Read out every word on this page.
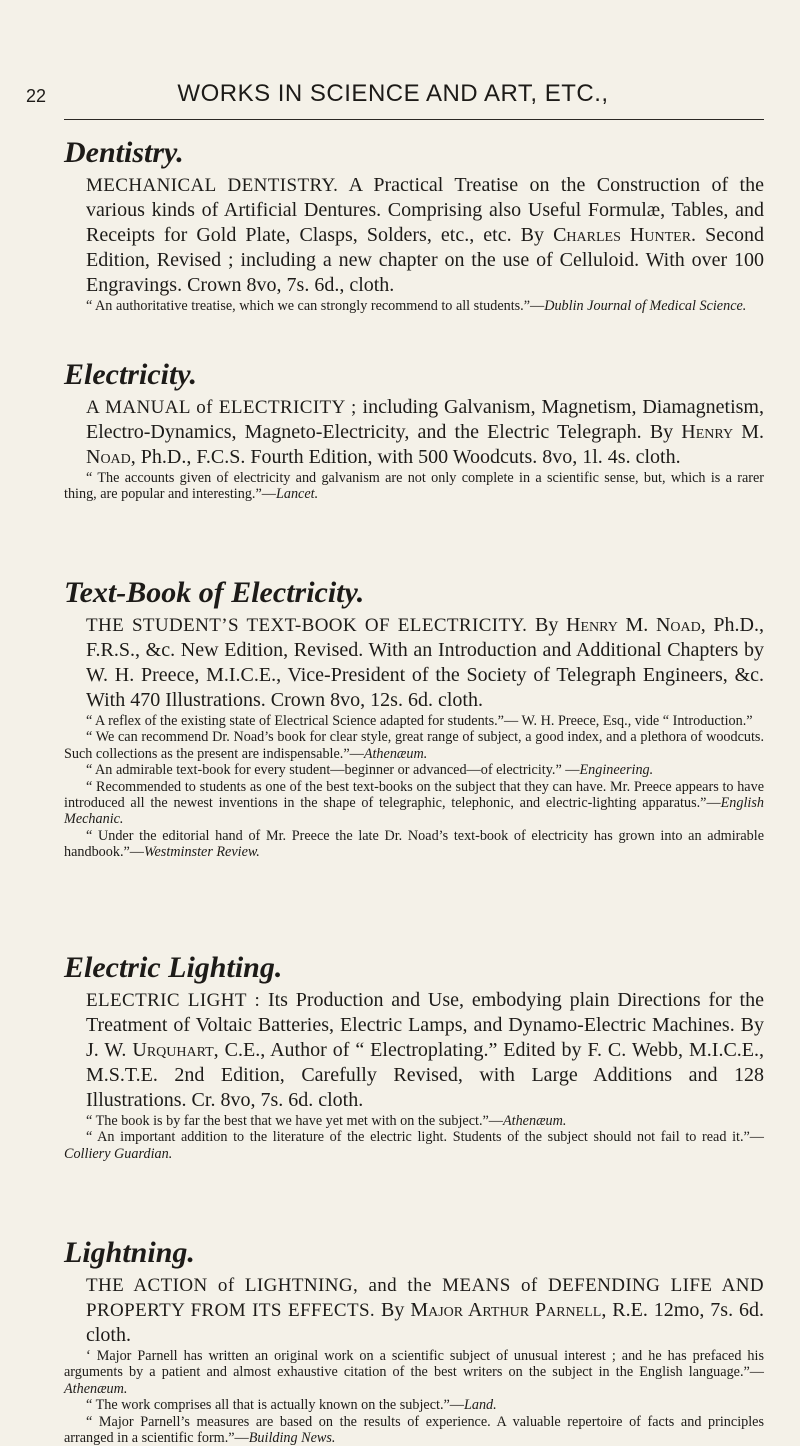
22	WORKS IN SCIENCE AND ART, ETC.,
Dentistry.

MECHANICAL DENTISTRY. A Practical Treatise on the Construction of the various kinds of Artificial Dentures. Comprising also Useful Formulæ, Tables, and Receipts for Gold Plate, Clasps, Solders, etc., etc. By Charles Hunter. Second Edition, Revised ; including a new chapter on the use of Celluloid. With over 100 Engravings. Crown 8vo, 7s. 6d., cloth.

“ An authoritative treatise, which we can strongly recommend to all students.”—Dublin Journal of Medical Science.

Electricity.

A MANUAL of ELECTRICITY ; including Galvanism, Magnetism, Diamagnetism, Electro-Dynamics, Magneto-Electricity, and the Electric Telegraph. By Henry M. Noad, Ph.D., F.C.S. Fourth Edition, with 500 Woodcuts. 8vo, 1l. 4s. cloth.

“ The accounts given of electricity and galvanism are not only complete in a scientific sense, but, which is a rarer thing, are popular and interesting.”—Lancet.

Text-Book of Electricity.

THE STUDENT’S TEXT-BOOK OF ELECTRICITY. By Henry M. Noad, Ph.D., F.R.S., &c. New Edition, Revised. With an Introduction and Additional Chapters by W. H. Preece, M.I.C.E., Vice-President of the Society of Telegraph Engineers, &c. With 470 Illustrations. Crown 8vo, 12s. 6d. cloth.

“ A reflex of the existing state of Electrical Science adapted for students.”— W. H. Preece, Esq., vide “ Introduction.”

“ We can recommend Dr. Noad’s book for clear style, great range of subject, a good index, and a plethora of woodcuts. Such collections as the present are indispensable.”—Athenæum.

“ An admirable text-book for every student—beginner or advanced—of electricity.” —Engineering.

“ Recommended to students as one of the best text-books on the subject that they can have. Mr. Preece appears to have introduced all the newest inventions in the shape of telegraphic, telephonic, and electric-lighting apparatus.”—English Mechanic.

“ Under the editorial hand of Mr. Preece the late Dr. Noad’s text-book of electricity has grown into an admirable handbook.”—Westminster Review.

Electric Lighting.

ELECTRIC LIGHT : Its Production and Use, embodying plain Directions for the Treatment of Voltaic Batteries, Electric Lamps, and Dynamo-Electric Machines. By J. W. Urquhart, C.E., Author of “ Electroplating.” Edited by F. C. Webb, M.I.C.E., M.S.T.E. 2nd Edition, Carefully Revised, with Large Additions and 128 Illustrations. Cr. 8vo, 7s. 6d. cloth.

“ The book is by far the best that we have yet met with on the subject.”—Athenæum.

“ An important addition to the literature of the electric light. Students of the subject should not fail to read it.”—Colliery Guardian.

Lightning.

THE ACTION of LIGHTNING, and the MEANS of DEFENDING LIFE AND PROPERTY FROM ITS EFFECTS. By Major Arthur Parnell, R.E. 12mo, 7s. 6d. cloth.

‘ Major Parnell has written an original work on a scientific subject of unusual interest ; and he has prefaced his arguments by a patient and almost exhaustive citation of the best writers on the subject in the English language.”—Athenæum.

“ The work comprises all that is actually known on the subject.”—Land.

“ Major Parnell’s measures are based on the results of experience. A valuable repertoire of facts and principles arranged in a scientific form.”—Building News.
